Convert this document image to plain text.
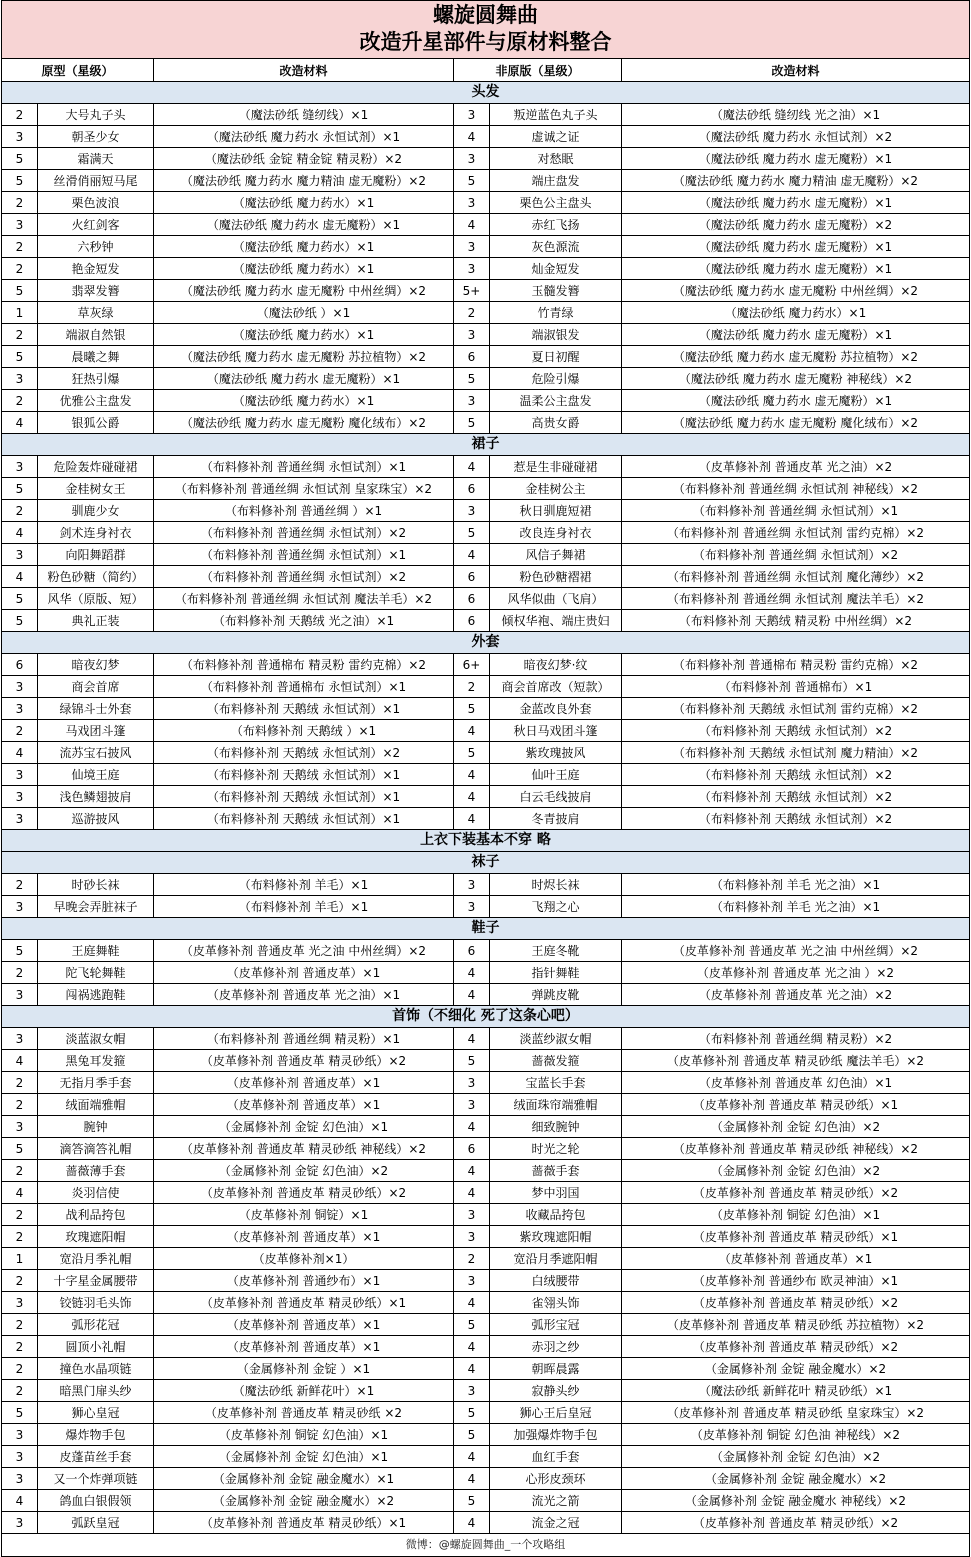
螺旋圆舞曲
改造升星部件与原材料整合
原型（星级）	改造材料	非原版（星级）	改造材料
头发
2	大号丸子头	（魔法砂纸 缝纫线）×1	3	叛逆蓝色丸子头	（魔法砂纸 缝纫线 光之油）×1
3	朝圣少女	（魔法砂纸 魔力药水 永恒试剂）×1	4	虚诚之证	（魔法砂纸 魔力药水 永恒试剂）×2
5	霜满天	（魔法砂纸 金锭 精金锭 精灵粉）×2	3	对愁眠	（魔法砂纸 魔力药水 虚无魔粉）×1
5	丝滑俏丽短马尾	（魔法砂纸 魔力药水 魔力精油 虚无魔粉）×2	5	端庄盘发	（魔法砂纸 魔力药水 魔力精油 虚无魔粉）×2
2	栗色波浪	（魔法砂纸 魔力药水）×1	3	栗色公主盘头	（魔法砂纸 魔力药水 虚无魔粉）×1
3	火红剑客	（魔法砂纸 魔力药水 虚无魔粉）×1	4	赤红飞扬	（魔法砂纸 魔力药水 虚无魔粉）×2
2	六秒钟	（魔法砂纸 魔力药水）×1	3	灰色源流	（魔法砂纸 魔力药水 虚无魔粉）×1
2	艳金短发	（魔法砂纸 魔力药水）×1	3	灿金短发	（魔法砂纸 魔力药水 虚无魔粉）×1
5	翡翠发簪	（魔法砂纸 魔力药水 虚无魔粉 中州丝绸）×2	5+	玉髓发簪	（魔法砂纸 魔力药水 虚无魔粉 中州丝绸）×2
1	草灰绿	（魔法砂纸 ）×1	2	竹青绿	（魔法砂纸 魔力药水）×1
2	端淑自然银	（魔法砂纸 魔力药水）×1	3	端淑银发	（魔法砂纸 魔力药水 虚无魔粉）×1
5	晨曦之舞	（魔法砂纸 魔力药水 虚无魔粉 苏拉植物）×2	6	夏日初醒	（魔法砂纸 魔力药水 虚无魔粉 苏拉植物）×2
3	狂热引爆	（魔法砂纸 魔力药水 虚无魔粉）×1	5	危险引爆	（魔法砂纸 魔力药水 虚无魔粉 神秘线）×2
2	优雅公主盘发	（魔法砂纸 魔力药水）×1	3	温柔公主盘发	（魔法砂纸 魔力药水 虚无魔粉）×1
4	银狐公爵	（魔法砂纸 魔力药水 虚无魔粉 魔化绒布）×2	5	高贵女爵	（魔法砂纸 魔力药水 虚无魔粉 魔化绒布）×2
裙子
3	危险轰炸碰碰裙	（布料修补剂 普通丝绸 永恒试剂）×1	4	惹是生非碰碰裙	（皮革修补剂 普通皮革 光之油）×2
5	金桂树女王	（布料修补剂 普通丝绸 永恒试剂 皇家珠宝）×2	6	金桂树公主	（布料修补剂 普通丝绸 永恒试剂 神秘线）×2
2	驯鹿少女	（布料修补剂 普通丝绸 ）×1	3	秋日驯鹿短裙	（布料修补剂 普通丝绸 永恒试剂）×1
4	剑术连身衬衣	（布料修补剂 普通丝绸 永恒试剂）×2	5	改良连身衬衣	（布料修补剂 普通丝绸 永恒试剂 雷约克棉）×2
3	向阳舞蹈群	（布料修补剂 普通丝绸 永恒试剂）×1	4	风信子舞裙	（布料修补剂 普通丝绸 永恒试剂）×2
4	粉色砂糖（简约）	（布料修补剂 普通丝绸 永恒试剂）×2	6	粉色砂糖褶裙	（布料修补剂 普通丝绸 永恒试剂 魔化薄纱）×2
5	风华（原版、短）	（布料修补剂 普通丝绸 永恒试剂 魔法羊毛）×2	6	风华似曲（飞肩）	（布料修补剂 普通丝绸 永恒试剂 魔法羊毛）×2
5	典礼正装	（布料修补剂 天鹅绒 光之油）×1	6	倾权华袍、端庄贵妇	（布料修补剂 天鹅绒 精灵粉 中州丝绸）×2
外套
6	暗夜幻梦	（布料修补剂 普通棉布 精灵粉 雷约克棉）×2	6+	暗夜幻梦·纹	（布料修补剂 普通棉布 精灵粉 雷约克棉）×2
3	商会首席	（布料修补剂 普通棉布 永恒试剂）×1	2	商会首席改（短款）	（布料修补剂 普通棉布）×1
3	绿锦斗士外套	（布料修补剂 天鹅绒 永恒试剂）×1	5	金蓝改良外套	（布料修补剂 天鹅绒 永恒试剂 雷约克棉）×2
2	马戏团斗篷	（布料修补剂 天鹅绒 ）×1	4	秋日马戏团斗篷	（布料修补剂 天鹅绒 永恒试剂）×2
4	流苏宝石披风	（布料修补剂 天鹅绒 永恒试剂）×2	5	紫玫瑰披风	（布料修补剂 天鹅绒 永恒试剂 魔力精油）×2
3	仙境王庭	（布料修补剂 天鹅绒 永恒试剂）×1	4	仙叶王庭	（布料修补剂 天鹅绒 永恒试剂）×2
3	浅色鳞翅披肩	（布料修补剂 天鹅绒 永恒试剂）×1	4	白云毛线披肩	（布料修补剂 天鹅绒 永恒试剂）×2
3	巡游披风	（布料修补剂 天鹅绒 永恒试剂）×1	4	冬青披肩	（布料修补剂 天鹅绒 永恒试剂）×2
上衣下装基本不穿 略
袜子
2	时砂长袜	（布料修补剂 羊毛）×1	3	时烬长袜	（布料修补剂 羊毛 光之油）×1
3	早晚会弄脏袜子	（布料修补剂 羊毛）×1	3	飞翔之心	（布料修补剂 羊毛 光之油）×1
鞋子
5	王庭舞鞋	（皮革修补剂 普通皮革 光之油 中州丝绸）×2	6	王庭冬靴	（皮革修补剂 普通皮革 光之油 中州丝绸）×2
2	陀飞轮舞鞋	（皮革修补剂 普通皮革）×1	4	指针舞鞋	（皮革修补剂 普通皮革 光之油 ）×2
3	闯祸逃跑鞋	（皮革修补剂 普通皮革 光之油）×1	4	弹跳皮靴	（皮革修补剂 普通皮革 光之油）×2
首饰（不细化 死了这条心吧）
3	淡蓝淑女帽	（布料修补剂 普通丝绸 精灵粉）×1	4	淡蓝纱淑女帽	（布料修补剂 普通丝绸 精灵粉）×2
4	黑兔耳发箍	（皮革修补剂 普通皮革 精灵砂纸）×2	5	蔷薇发箍	（皮革修补剂 普通皮革 精灵砂纸 魔法羊毛）×2
2	无指月季手套	（皮革修补剂 普通皮革）×1	3	宝蓝长手套	（皮革修补剂 普通皮革 幻色油）×1
2	绒面端雅帽	（皮革修补剂 普通皮革）×1	3	绒面珠帘端雅帽	（皮革修补剂 普通皮革 精灵砂纸）×1
3	腕钟	（金属修补剂 金锭 幻色油）×1	4	细致腕钟	（金属修补剂 金锭 幻色油）×2
5	滴答滴答礼帽	（皮革修补剂 普通皮革 精灵砂纸 神秘线）×2	6	时光之轮	（皮革修补剂 普通皮革 精灵砂纸 神秘线）×2
2	蔷薇薄手套	（金属修补剂 金锭 幻色油）×2	4	蔷薇手套	（金属修补剂 金锭 幻色油）×2
4	炎羽信使	（皮革修补剂 普通皮革 精灵砂纸）×2	4	梦中羽国	（皮革修补剂 普通皮革 精灵砂纸）×2
2	战利品挎包	（皮革修补剂 铜锭）×1	3	收藏品挎包	（皮革修补剂 铜锭 幻色油）×1
2	玫瑰遮阳帽	（皮革修补剂 普通皮革）×1	3	紫玫瑰遮阳帽	（皮革修补剂 普通皮革 精灵砂纸）×1
1	宽沿月季礼帽	（皮革修补剂×1）	2	宽沿月季遮阳帽	（皮革修补剂 普通皮革）×1
2	十字星金属腰带	（皮革修补剂 普通纱布）×1	3	白绒腰带	（皮革修补剂 普通纱布 欧灵神油）×1
3	铰链羽毛头饰	（皮革修补剂 普通皮革 精灵砂纸）×1	4	雀翎头饰	（皮革修补剂 普通皮革 精灵砂纸）×2
2	弧形花冠	（皮革修补剂 普通皮革）×1	5	弧形宝冠	（皮革修补剂 普通皮革 精灵砂纸 苏拉植物）×2
2	圆顶小礼帽	（皮革修补剂 普通皮革）×1	4	赤羽之纱	（皮革修补剂 普通皮革 精灵砂纸）×2
2	撞色水晶项链	（金属修补剂 金锭 ）×1	4	朝晖晨露	（金属修补剂 金锭 融金魔水）×2
2	暗黑门扉头纱	（魔法砂纸 新鲜花叶）×1	3	寂静头纱	（魔法砂纸 新鲜花叶 精灵砂纸）×1
5	狮心皇冠	（皮革修补剂 普通皮革 精灵砂纸 ×2	5	狮心王后皇冠	（皮革修补剂 普通皮革 精灵砂纸 皇家珠宝）×2
3	爆炸物手包	（皮革修补剂 铜锭 幻色油）×1	5	加强爆炸物手包	（皮革修补剂 铜锭 幻色油 神秘线）×2
3	皮蓬苗丝手套	（金属修补剂 金锭 幻色油）×1	4	血红手套	（金属修补剂 金锭 幻色油）×2
3	又一个炸弹项链	（金属修补剂 金锭 融金魔水）×1	4	心形皮颈环	（金属修补剂 金锭 融金魔水）×2
4	鸽血白银假领	（金属修补剂 金锭 融金魔水）×2	5	流光之箭	（金属修补剂 金锭 融金魔水 神秘线）×2
3	弧跃皇冠	（皮革修补剂 普通皮革 精灵砂纸）×1	4	流金之冠	（皮革修补剂 普通皮革 精灵砂纸）×2
微博：@螺旋圆舞曲_一个攻略组
